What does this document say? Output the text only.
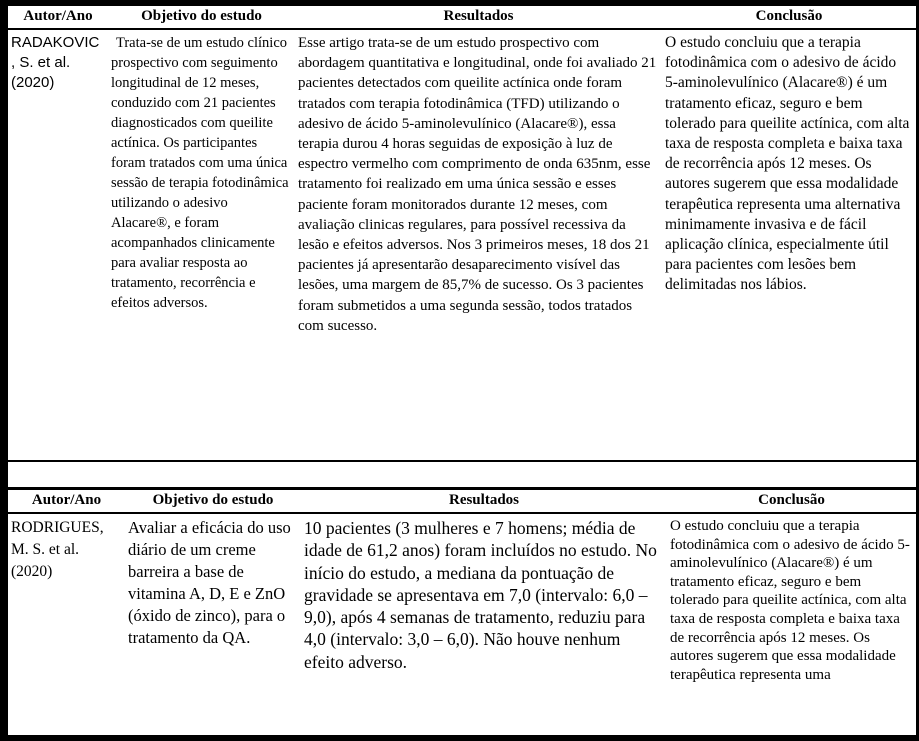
Autor/Ano	Objetivo do estudo	Resultados	Conclusão
RADAKOVIC, S. et al. (2020)	Trata-se de um estudo clínico prospectivo com seguimento longitudinal de 12 meses, conduzido com 21 pacientes diagnosticados com queilite actínica. Os participantes foram tratados com uma única sessão de terapia fotodinâmica utilizando o adesivo Alacare®, e foram acompanhados clinicamente para avaliar resposta ao tratamento, recorrência e efeitos adversos.	Esse artigo trata-se de um estudo prospectivo com abordagem quantitativa e longitudinal, onde foi avaliado 21 pacientes detectados com queilite actínica onde foram tratados com terapia fotodinâmica (TFD) utilizando o adesivo de ácido 5-aminolevulínico (Alacare®), essa terapia durou 4 horas seguidas de exposição à luz de espectro vermelho com comprimento de onda 635nm, esse tratamento foi realizado em uma única sessão e esses paciente foram monitorados durante 12 meses, com avaliação clinicas regulares, para possível recessiva da lesão e efeitos adversos. Nos 3 primeiros meses, 18 dos 21 pacientes já apresentarão desaparecimento visível das lesões, uma margem de 85,7% de sucesso. Os 3 pacientes foram submetidos a uma segunda sessão, todos tratados com sucesso.	O estudo concluiu que a terapia fotodinâmica com o adesivo de ácido 5-aminolevulínico (Alacare®) é um tratamento eficaz, seguro e bem tolerado para queilite actínica, com alta taxa de resposta completa e baixa taxa de recorrência após 12 meses. Os autores sugerem que essa modalidade terapêutica representa uma alternativa minimamente invasiva e de fácil aplicação clínica, especialmente útil para pacientes com lesões bem delimitadas nos lábios.
Autor/Ano	Objetivo do estudo	Resultados	Conclusão
RODRIGUES, M. S. et al. (2020)	Avaliar a eficácia do uso diário de um creme barreira a base de vitamina A, D, E e ZnO (óxido de zinco), para o tratamento da QA.	10 pacientes (3 mulheres e 7 homens; média de idade de 61,2 anos) foram incluídos no estudo. No início do estudo, a mediana da pontuação de gravidade se apresentava em 7,0 (intervalo: 6,0 – 9,0), após 4 semanas de tratamento, reduziu para 4,0 (intervalo: 3,0 – 6,0). Não houve nenhum efeito adverso.	O estudo concluiu que a terapia fotodinâmica com o adesivo de ácido 5-aminolevulínico (Alacare®) é um tratamento eficaz, seguro e bem tolerado para queilite actínica, com alta taxa de resposta completa e baixa taxa de recorrência após 12 meses. Os autores sugerem que essa modalidade terapêutica representa uma
